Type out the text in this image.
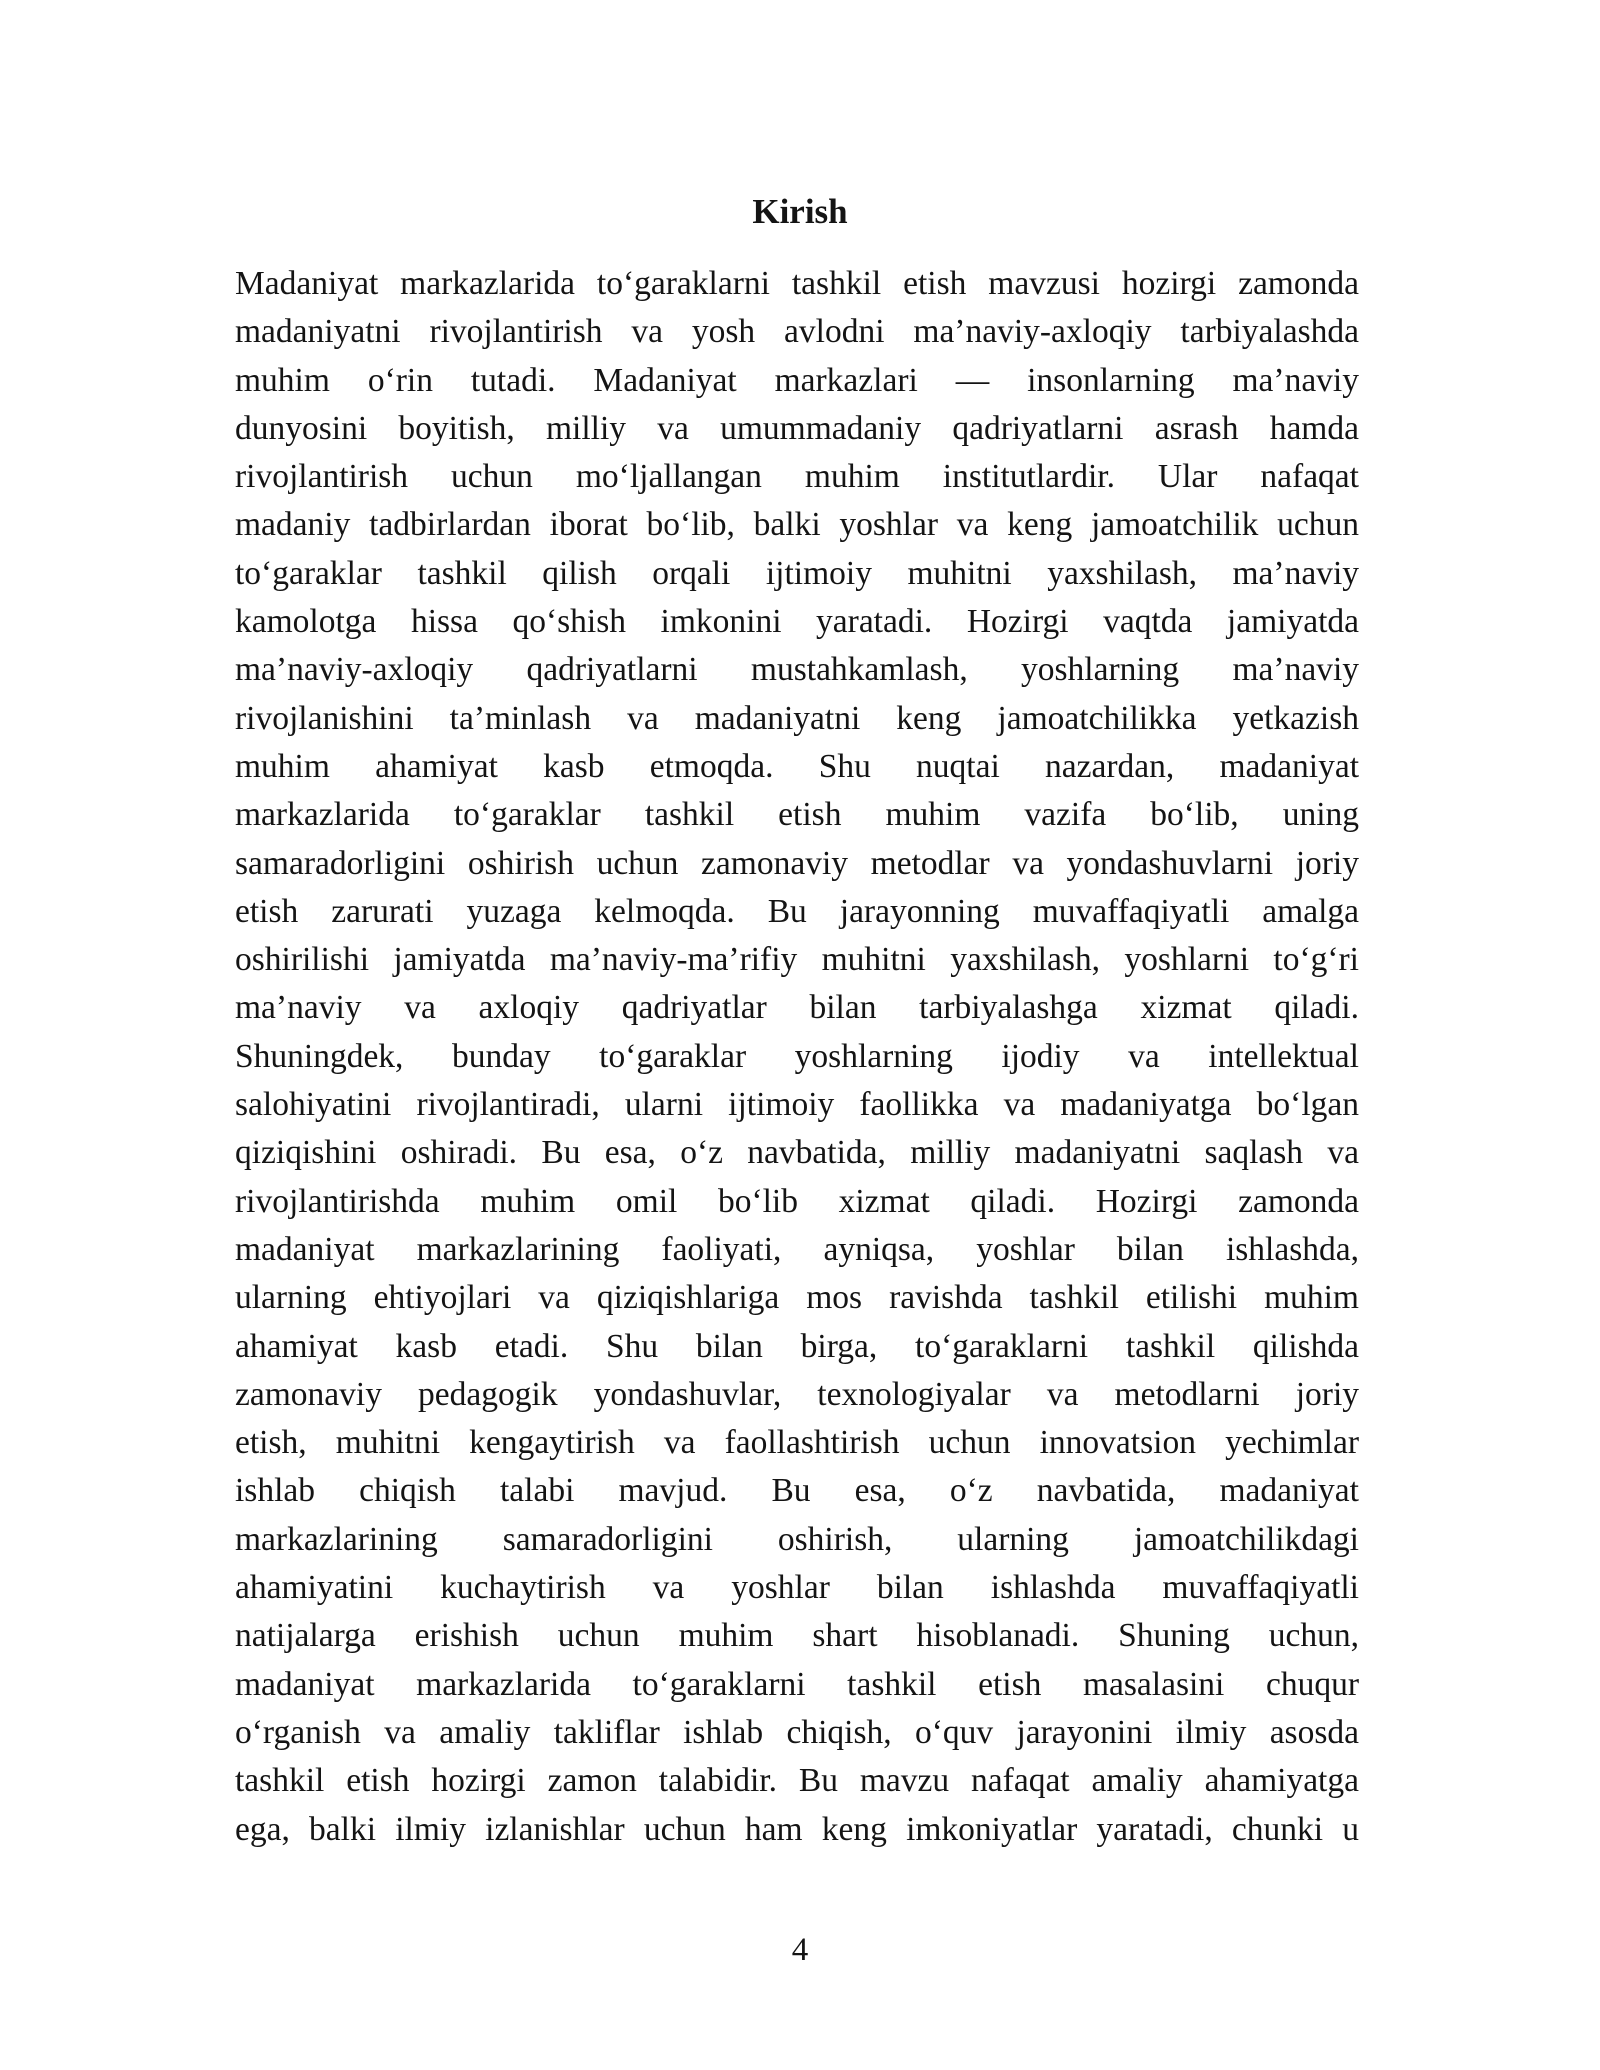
Kirish
Madaniyat markazlarida to‘garaklarni tashkil etish mavzusi hozirgi zamonda
madaniyatni rivojlantirish va yosh avlodni ma’naviy-axloqiy tarbiyalashda
muhim o‘rin tutadi. Madaniyat markazlari — insonlarning ma’naviy
dunyosini boyitish, milliy va umummadaniy qadriyatlarni asrash hamda
rivojlantirish uchun mo‘ljallangan muhim institutlardir. Ular nafaqat
madaniy tadbirlardan iborat bo‘lib, balki yoshlar va keng jamoatchilik uchun
to‘garaklar tashkil qilish orqali ijtimoiy muhitni yaxshilash, ma’naviy
kamolotga hissa qo‘shish imkonini yaratadi. Hozirgi vaqtda jamiyatda
ma’naviy-axloqiy qadriyatlarni mustahkamlash, yoshlarning ma’naviy
rivojlanishini ta’minlash va madaniyatni keng jamoatchilikka yetkazish
muhim ahamiyat kasb etmoqda. Shu nuqtai nazardan, madaniyat
markazlarida to‘garaklar tashkil etish muhim vazifa bo‘lib, uning
samaradorligini oshirish uchun zamonaviy metodlar va yondashuvlarni joriy
etish zarurati yuzaga kelmoqda. Bu jarayonning muvaffaqiyatli amalga
oshirilishi jamiyatda ma’naviy-ma’rifiy muhitni yaxshilash, yoshlarni to‘g‘ri
ma’naviy va axloqiy qadriyatlar bilan tarbiyalashga xizmat qiladi.
Shuningdek, bunday to‘garaklar yoshlarning ijodiy va intellektual
salohiyatini rivojlantiradi, ularni ijtimoiy faollikka va madaniyatga bo‘lgan
qiziqishini oshiradi. Bu esa, o‘z navbatida, milliy madaniyatni saqlash va
rivojlantirishda muhim omil bo‘lib xizmat qiladi. Hozirgi zamonda
madaniyat markazlarining faoliyati, ayniqsa, yoshlar bilan ishlashda,
ularning ehtiyojlari va qiziqishlariga mos ravishda tashkil etilishi muhim
ahamiyat kasb etadi. Shu bilan birga, to‘garaklarni tashkil qilishda
zamonaviy pedagogik yondashuvlar, texnologiyalar va metodlarni joriy
etish, muhitni kengaytirish va faollashtirish uchun innovatsion yechimlar
ishlab chiqish talabi mavjud. Bu esa, o‘z navbatida, madaniyat
markazlarining samaradorligini oshirish, ularning jamoatchilikdagi
ahamiyatini kuchaytirish va yoshlar bilan ishlashda muvaffaqiyatli
natijalarga erishish uchun muhim shart hisoblanadi. Shuning uchun,
madaniyat markazlarida to‘garaklarni tashkil etish masalasini chuqur
o‘rganish va amaliy takliflar ishlab chiqish, o‘quv jarayonini ilmiy asosda
tashkil etish hozirgi zamon talabidir. Bu mavzu nafaqat amaliy ahamiyatga
ega, balki ilmiy izlanishlar uchun ham keng imkoniyatlar yaratadi, chunki u
4
